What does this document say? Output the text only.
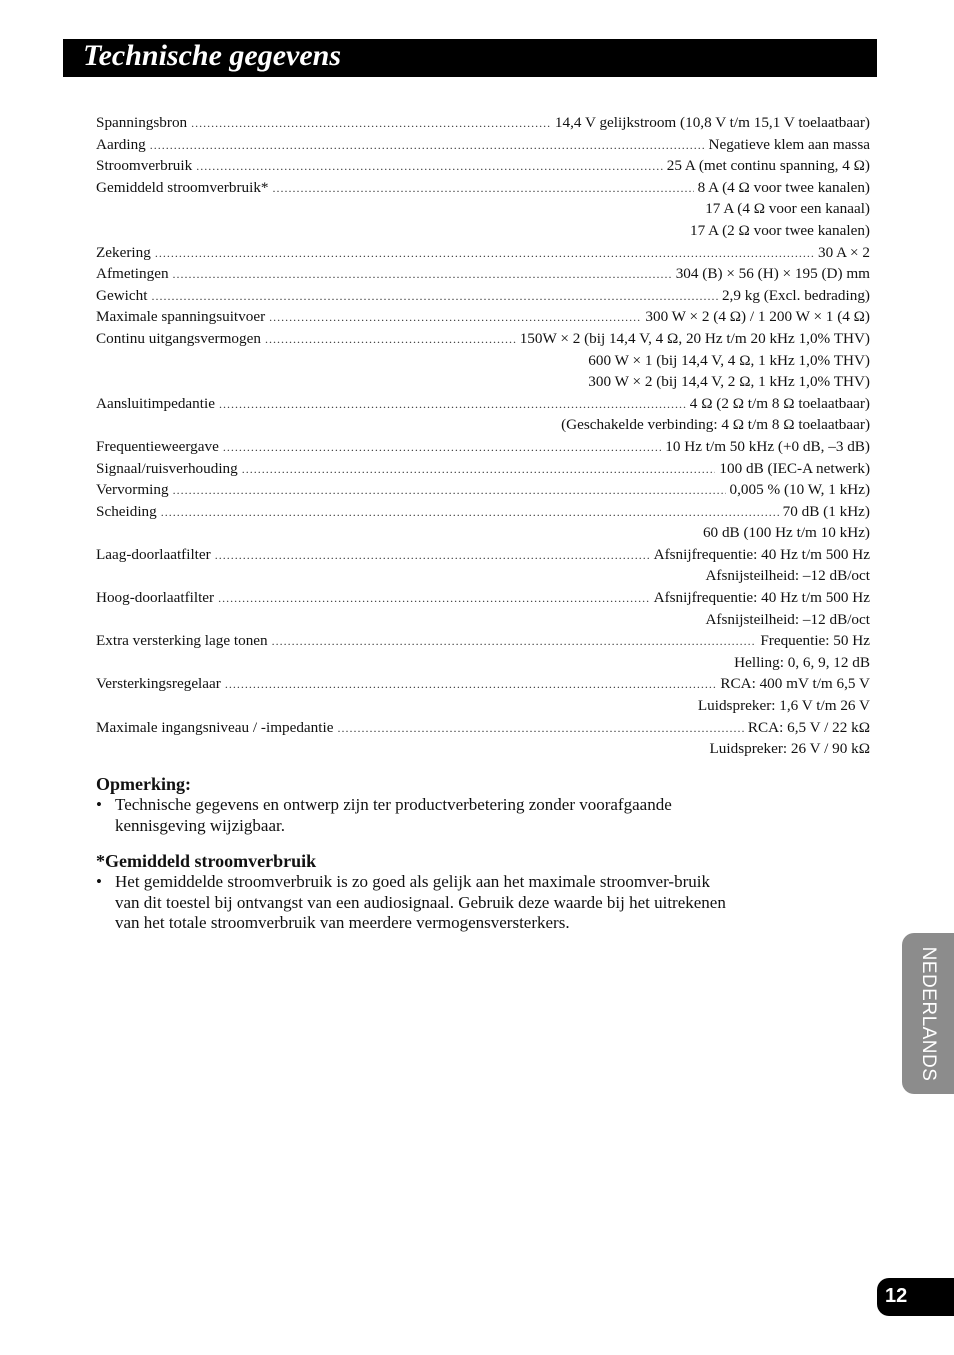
Technische gegevens
Spanningsbron .....	14,4 V gelijkstroom (10,8 V t/m 15,1 V toelaatbaar)
Aarding .....	Negatieve klem aan massa
Stroomverbruik .....	25 A (met continu spanning, 4 Ω)
Gemiddeld stroomverbruik* .....	8 A (4 Ω voor twee kanalen)
17 A (4 Ω voor een kanaal)
17 A (2 Ω voor twee kanalen)
Zekering .....	30 A × 2
Afmetingen .....	304 (B) × 56 (H) × 195 (D) mm
Gewicht .....	2,9 kg (Excl. bedrading)
Maximale spanningsuitvoer .....	300 W × 2 (4 Ω) / 1 200 W × 1 (4 Ω)
Continu uitgangsvermogen .....	150W × 2 (bij 14,4 V, 4 Ω, 20 Hz t/m 20 kHz 1,0% THV)
600 W × 1 (bij 14,4 V, 4 Ω, 1 kHz 1,0% THV)
300 W × 2 (bij 14,4 V, 2 Ω, 1 kHz 1,0% THV)
Aansluitimpedantie .....	4 Ω (2 Ω t/m 8 Ω toelaatbaar)
(Geschakelde verbinding: 4 Ω t/m 8 Ω toelaatbaar)
Frequentieweergave .....	10 Hz t/m 50 kHz (+0 dB, –3 dB)
Signaal/ruisverhouding .....	100 dB (IEC-A netwerk)
Vervorming .....	0,005 % (10 W, 1 kHz)
Scheiding .....	70 dB (1 kHz)
60 dB (100 Hz t/m 10 kHz)
Laag-doorlaatfilter .....	Afsnijfrequentie: 40 Hz t/m 500 Hz
Afsnijsteilheid: –12 dB/oct
Hoog-doorlaatfilter .....	Afsnijfrequentie: 40 Hz t/m 500 Hz
Afsnijsteilheid: –12 dB/oct
Extra versterking lage tonen .....	Frequentie: 50 Hz
Helling: 0, 6, 9, 12 dB
Versterkingsregelaar .....	RCA: 400 mV t/m 6,5 V
Luidspreker: 1,6 V t/m 26 V
Maximale ingangsniveau / -impedantie .....	RCA: 6,5 V / 22 kΩ
Luidspreker: 26 V / 90 kΩ
Opmerking:
• Technische gegevens en ontwerp zijn ter productverbetering zonder voorafgaande kennisgeving wijzigbaar.
*Gemiddeld stroomverbruik
• Het gemiddelde stroomverbruik is zo goed als gelijk aan het maximale stroomver-bruik van dit toestel bij ontvangst van een audiosignaal. Gebruik deze waarde bij het uitrekenen van het totale stroomverbruik van meerdere vermogensversterkers.
NEDERLANDS
12
